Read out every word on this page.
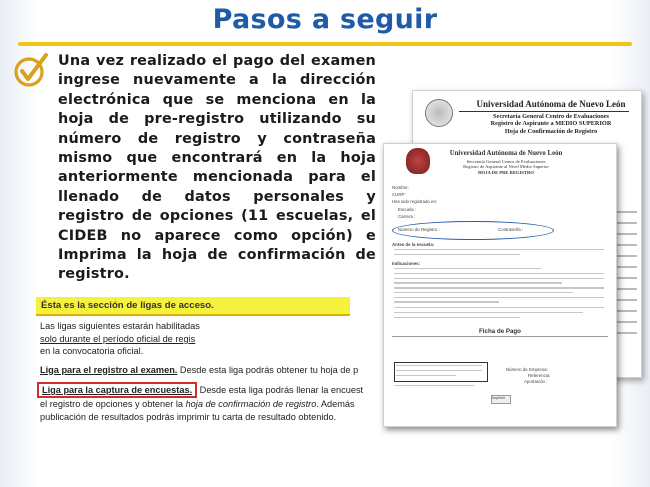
Pasos a seguir
Una vez realizado el pago del examen ingrese nuevamente a la dirección electrónica que se menciona en la hoja de pre-registro utilizando su número de registro y contraseña mismo que encontrará en la hoja anteriormente mencionada para el llenado de datos personales y registro de opciones (11 escuelas, el CIDEB no aparece como opción) e Imprima la hoja de confirmación de registro.
Ésta es la sección de ligas de acceso.

Las ligas siguientes estarán habilitadas solo durante el período oficial de regis
en la convocatoria oficial.

Liga para el registro al examen. Desde esta liga podrás obtener tu hoja de p

Liga para la captura de encuestas. Desde esta liga podrás llenar la encuest
el registro de opciones y obtener la hoja de confirmación de registro. Además
publicación de resultados podrás imprimir tu carta de resultado obtenido.

Universidad Autónoma de Nuevo León
Secretaría General Centro de Evaluaciones
Registro de Aspirante a MEDIO SUPERIOR
Hoja de Confirmación de Registro
Universidad Autónoma de Nuevo León
Secretaría General Centro de Evaluaciones
Registro de Aspirante al Nivel Medio Superior
HOJA DE PRE REGISTRO
Nombre:
CURP:
Has sido registrado en:
Escuela :
Carrera :
Número de Registro :	Contraseña :
Antes de la escuela:
Indicaciones:
Ficha de Pago
Número de Empresa:
Referencia:
Aportación :
Imprimir
